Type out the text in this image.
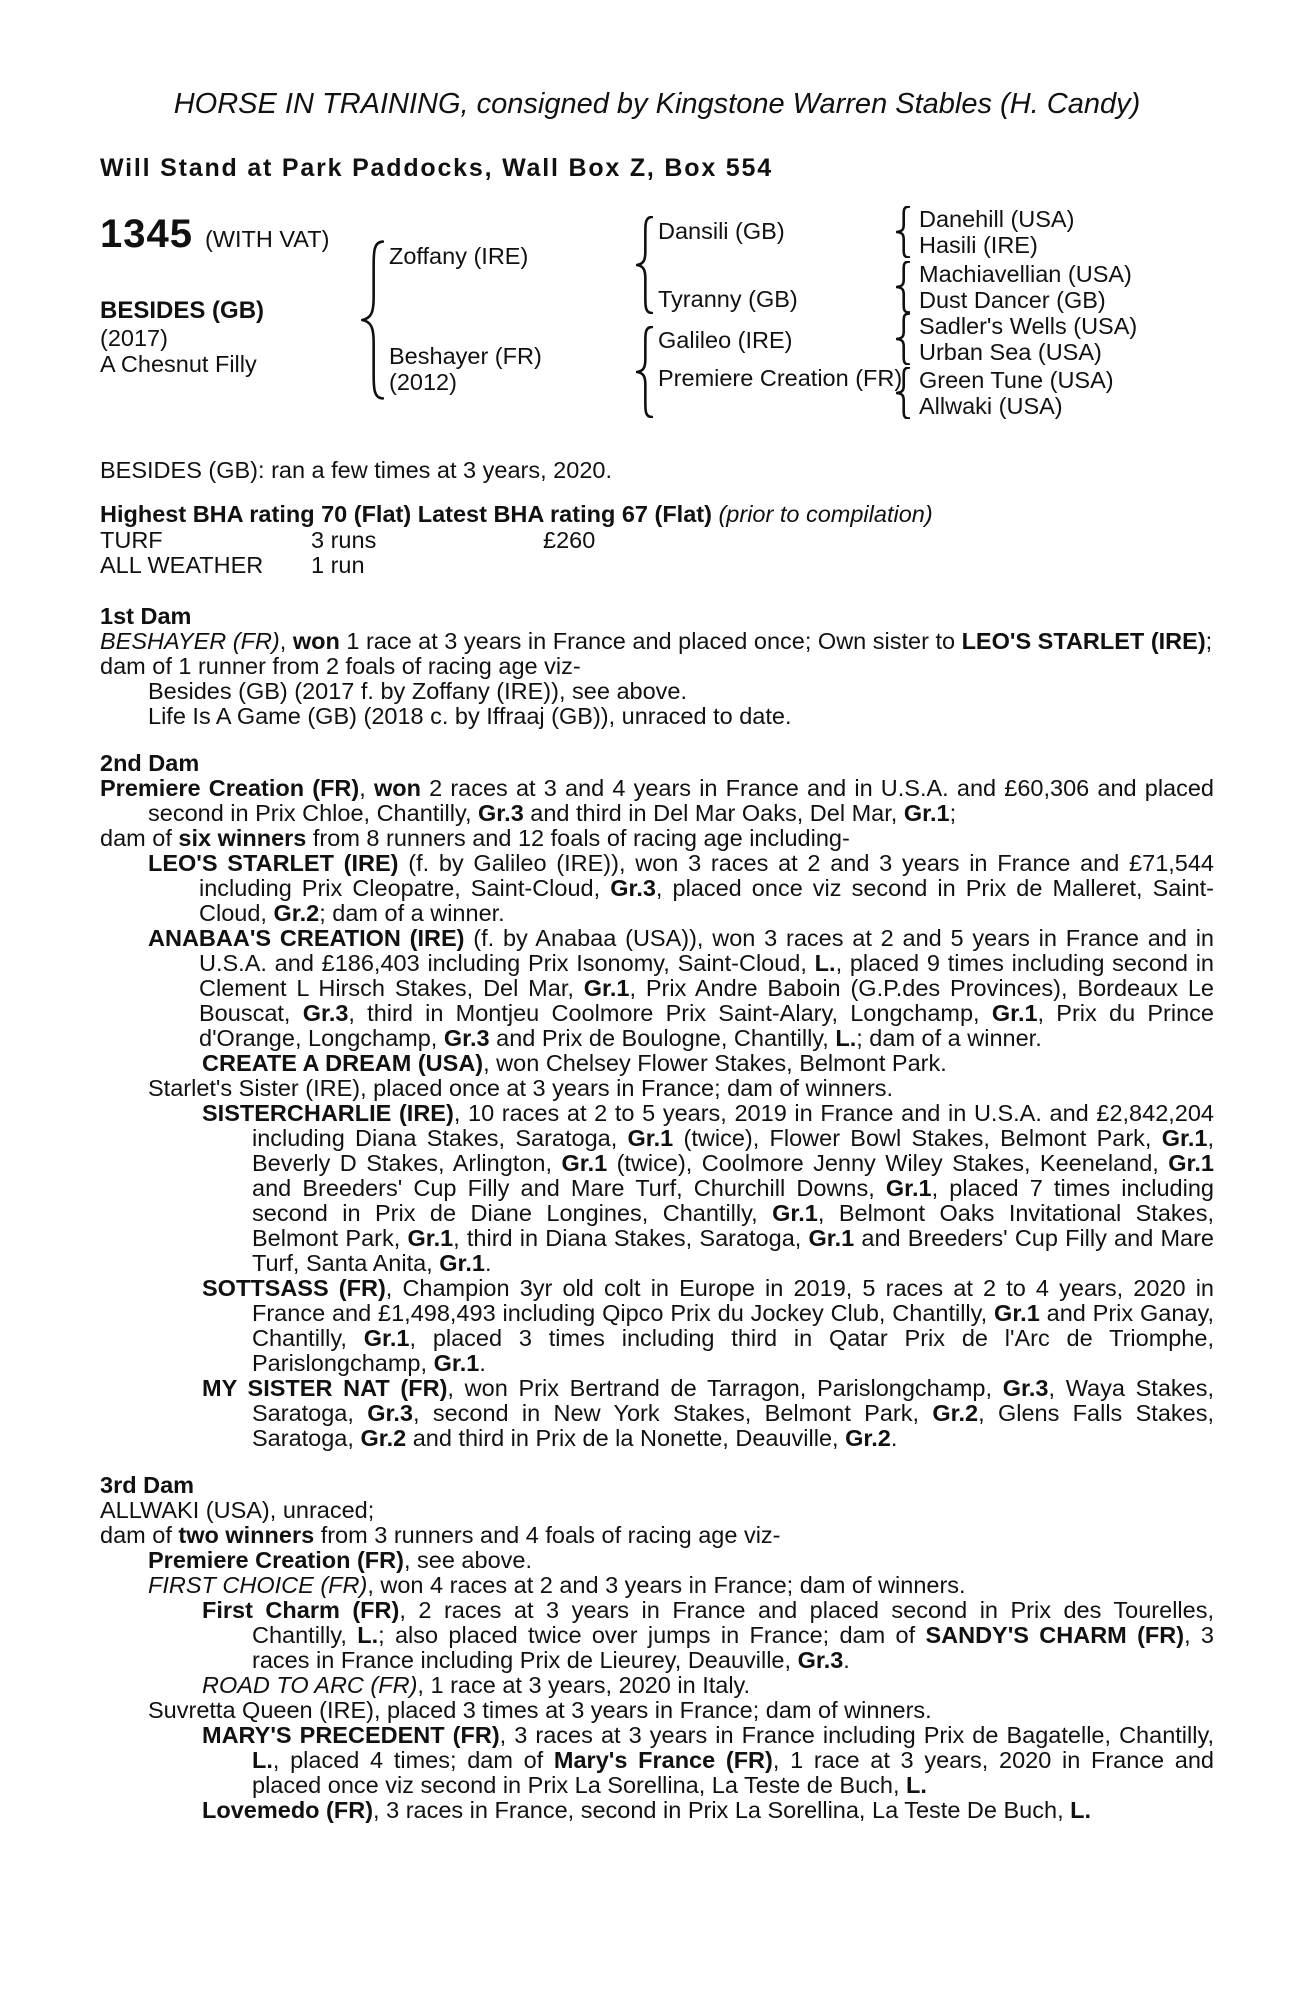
HORSE IN TRAINING, consigned by Kingstone Warren Stables (H. Candy)
Will Stand at Park Paddocks, Wall Box Z, Box 554
1345 (WITH VAT)
BESIDES (GB)
(2017)
A Chesnut Filly
Zoffany (IRE)
Beshayer (FR)
(2012)
Dansili (GB)
Tyranny (GB)
Galileo (IRE)
Premiere Creation (FR)
Danehill (USA)
Hasili (IRE)
Machiavellian (USA)
Dust Dancer (GB)
Sadler's Wells (USA)
Urban Sea (USA)
Green Tune (USA)
Allwaki (USA)

BESIDES (GB): ran a few times at 3 years, 2020.

Highest BHA rating 70 (Flat) Latest BHA rating 67 (Flat) (prior to compilation)

TURF	3 runs	£260
ALL WEATHER	1 run
1st Dam

BESHAYER (FR), won 1 race at 3 years in France and placed once; Own sister to LEO'S STARLET (IRE);

dam of 1 runner from 2 foals of racing age viz-

Besides (GB) (2017 f. by Zoffany (IRE)), see above.

Life Is A Game (GB) (2018 c. by Iffraaj (GB)), unraced to date.

2nd Dam

Premiere Creation (FR), won 2 races at 3 and 4 years in France and in U.S.A. and £60,306 and placed second in Prix Chloe, Chantilly, Gr.3 and third in Del Mar Oaks, Del Mar, Gr.1;

dam of six winners from 8 runners and 12 foals of racing age including-

LEO'S STARLET (IRE) (f. by Galileo (IRE)), won 3 races at 2 and 3 years in France and £71,544 including Prix Cleopatre, Saint-Cloud, Gr.3, placed once viz second in Prix de Malleret, Saint-Cloud, Gr.2; dam of a winner.

ANABAA'S CREATION (IRE) (f. by Anabaa (USA)), won 3 races at 2 and 5 years in France and in U.S.A. and £186,403 including Prix Isonomy, Saint-Cloud, L., placed 9 times including second in Clement L Hirsch Stakes, Del Mar, Gr.1, Prix Andre Baboin (G.P.des Provinces), Bordeaux Le Bouscat, Gr.3, third in Montjeu Coolmore Prix Saint-Alary, Longchamp, Gr.1, Prix du Prince d'Orange, Longchamp, Gr.3 and Prix de Boulogne, Chantilly, L.; dam of a winner.

CREATE A DREAM (USA), won Chelsey Flower Stakes, Belmont Park.

Starlet's Sister (IRE), placed once at 3 years in France; dam of winners.

SISTERCHARLIE (IRE), 10 races at 2 to 5 years, 2019 in France and in U.S.A. and £2,842,204 including Diana Stakes, Saratoga, Gr.1 (twice), Flower Bowl Stakes, Belmont Park, Gr.1, Beverly D Stakes, Arlington, Gr.1 (twice), Coolmore Jenny Wiley Stakes, Keeneland, Gr.1 and Breeders' Cup Filly and Mare Turf, Churchill Downs, Gr.1, placed 7 times including second in Prix de Diane Longines, Chantilly, Gr.1, Belmont Oaks Invitational Stakes, Belmont Park, Gr.1, third in Diana Stakes, Saratoga, Gr.1 and Breeders' Cup Filly and Mare Turf, Santa Anita, Gr.1.

SOTTSASS (FR), Champion 3yr old colt in Europe in 2019, 5 races at 2 to 4 years, 2020 in France and £1,498,493 including Qipco Prix du Jockey Club, Chantilly, Gr.1 and Prix Ganay, Chantilly, Gr.1, placed 3 times including third in Qatar Prix de l'Arc de Triomphe, Parislongchamp, Gr.1.

MY SISTER NAT (FR), won Prix Bertrand de Tarragon, Parislongchamp, Gr.3, Waya Stakes, Saratoga, Gr.3, second in New York Stakes, Belmont Park, Gr.2, Glens Falls Stakes, Saratoga, Gr.2 and third in Prix de la Nonette, Deauville, Gr.2.

3rd Dam

ALLWAKI (USA), unraced;

dam of two winners from 3 runners and 4 foals of racing age viz-

Premiere Creation (FR), see above.

FIRST CHOICE (FR), won 4 races at 2 and 3 years in France; dam of winners.

First Charm (FR), 2 races at 3 years in France and placed second in Prix des Tourelles, Chantilly, L.; also placed twice over jumps in France; dam of SANDY'S CHARM (FR), 3 races in France including Prix de Lieurey, Deauville, Gr.3.

ROAD TO ARC (FR), 1 race at 3 years, 2020 in Italy.

Suvretta Queen (IRE), placed 3 times at 3 years in France; dam of winners.

MARY'S PRECEDENT (FR), 3 races at 3 years in France including Prix de Bagatelle, Chantilly, L., placed 4 times; dam of Mary's France (FR), 1 race at 3 years, 2020 in France and placed once viz second in Prix La Sorellina, La Teste de Buch, L.

Lovemedo (FR), 3 races in France, second in Prix La Sorellina, La Teste De Buch, L.
